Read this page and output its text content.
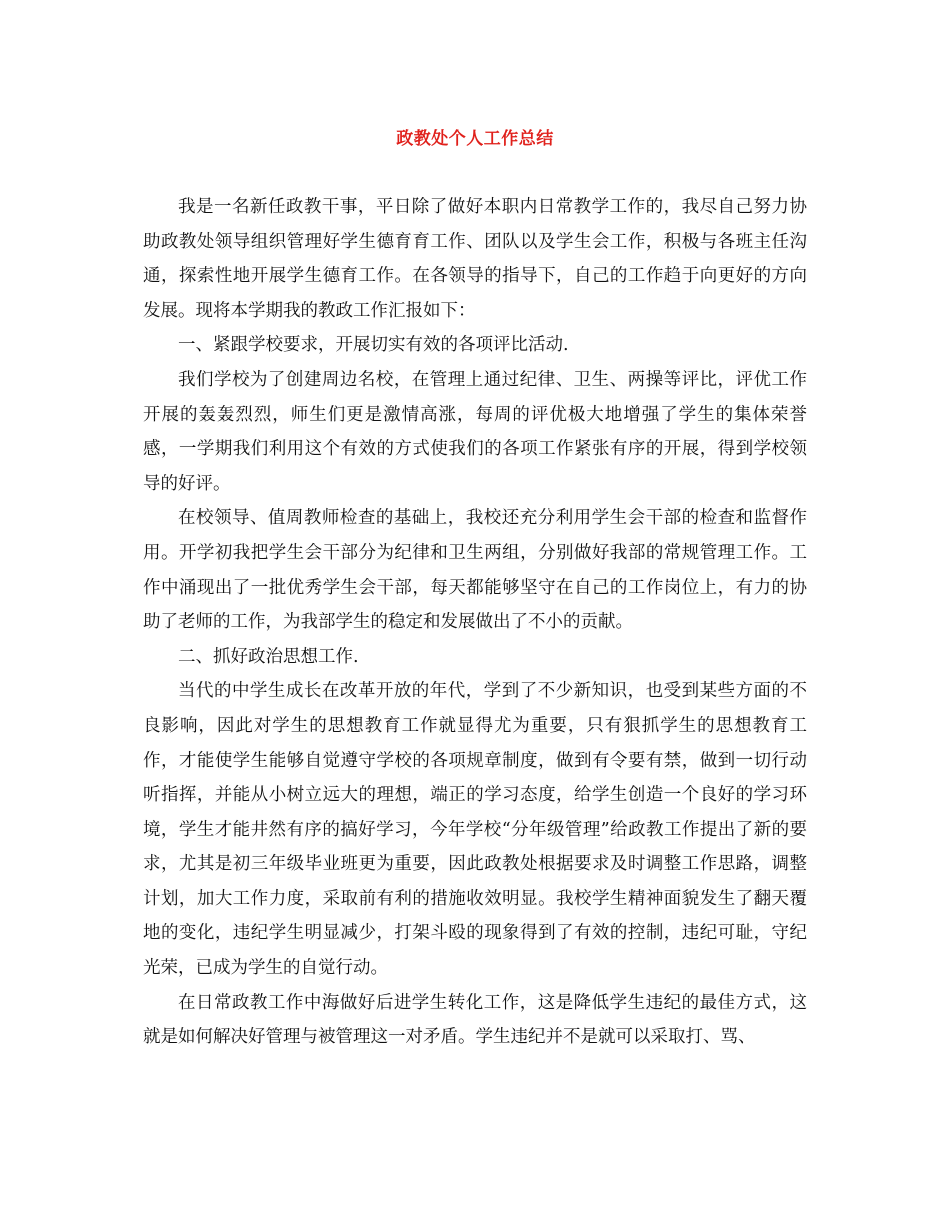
政教处个人工作总结

我是一名新任政教干事，平日除了做好本职内日常教学工作的，我尽自己努力协助政教处领导组织管理好学生德育育工作、团队以及学生会工作，积极与各班主任沟通，探索性地开展学生德育工作。在各领导的指导下，自己的工作趋于向更好的方向发展。现将本学期我的教政工作汇报如下：

一、紧跟学校要求，开展切实有效的各项评比活动.

我们学校为了创建周边名校，在管理上通过纪律、卫生、两操等评比，评优工作开展的轰轰烈烈，师生们更是激情高涨，每周的评优极大地增强了学生的集体荣誉感，一学期我们利用这个有效的方式使我们的各项工作紧张有序的开展，得到学校领导的好评。

在校领导、值周教师检查的基础上，我校还充分利用学生会干部的检查和监督作用。开学初我把学生会干部分为纪律和卫生两组，分别做好我部的常规管理工作。工作中涌现出了一批优秀学生会干部，每天都能够坚守在自己的工作岗位上，有力的协助了老师的工作，为我部学生的稳定和发展做出了不小的贡献。

二、抓好政治思想工作.

当代的中学生成长在改革开放的年代，学到了不少新知识，也受到某些方面的不良影响，因此对学生的思想教育工作就显得尤为重要，只有狠抓学生的思想教育工作，才能使学生能够自觉遵守学校的各项规章制度，做到有令要有禁，做到一切行动听指挥，并能从小树立远大的理想，端正的学习态度，给学生创造一个良好的学习环境，学生才能井然有序的搞好学习，今年学校“分年级管理”给政教工作提出了新的要求，尤其是初三年级毕业班更为重要，因此政教处根据要求及时调整工作思路，调整计划，加大工作力度，采取前有利的措施收效明显。我校学生精神面貌发生了翻天覆地的变化，违纪学生明显减少，打架斗殴的现象得到了有效的控制，违纪可耻，守纪光荣，已成为学生的自觉行动。

在日常政教工作中海做好后进学生转化工作，这是降低学生违纪的最佳方式，这就是如何解决好管理与被管理这一对矛盾。学生违纪并不是就可以采取打、骂、
